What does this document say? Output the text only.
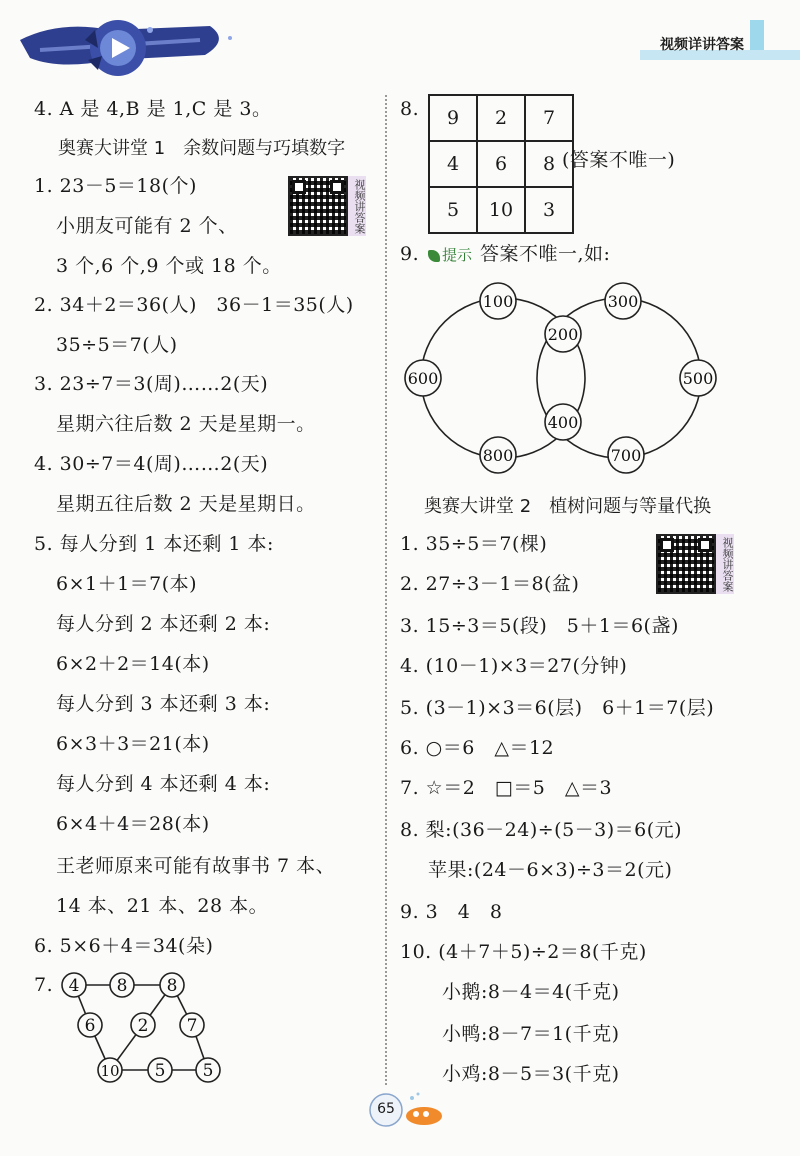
视频详讲答案
4. A 是 4,B 是 1,C 是 3。
奥赛大讲堂 1　余数问题与巧填数字
1. 23－5＝18(个)	视频讲答案
小朋友可能有 2 个、
3 个,6 个,9 个或 18 个。
2. 34＋2＝36(人)　36－1＝35(人)
35÷5＝7(人)
3. 23÷7＝3(周)……2(天)
星期六往后数 2 天是星期一。
4. 30÷7＝4(周)……2(天)
星期五往后数 2 天是星期日。
5. 每人分到 1 本还剩 1 本:
6×1＋1＝7(本)
每人分到 2 本还剩 2 本:
6×2＋2＝14(本)
每人分到 3 本还剩 3 本:
6×3＋3＝21(本)
每人分到 4 本还剩 4 本:
6×4＋4＝28(本)
王老师原来可能有故事书 7 本、
14 本、21 本、28 本。
6. 5×6＋4＝34(朵)
7. 4 8 8
6 2 7
10 5 5
8. 9	2	7
4	6	8
5	10	3
(答案不唯一)
9.	提示 答案不唯一,如:
100	300
200
600	500
400
800	700
奥赛大讲堂 2　植树问题与等量代换
1. 35÷5＝7(棵)	视频讲答案
2. 27÷3－1＝8(盆)
3. 15÷3＝5(段)　5＋1＝6(盏)
4. (10－1)×3＝27(分钟)
5. (3－1)×3＝6(层)　6＋1＝7(层)
6. ○＝6　△＝12
7. ☆＝2　□＝5　△＝3
8. 梨:(36－24)÷(5－3)＝6(元)
苹果:(24－6×3)÷3＝2(元)
9. 3　4　8
10. (4＋7＋5)÷2＝8(千克)
小鹅:8－4＝4(千克)
小鸭:8－7＝1(千克)
小鸡:8－5＝3(千克)
65
